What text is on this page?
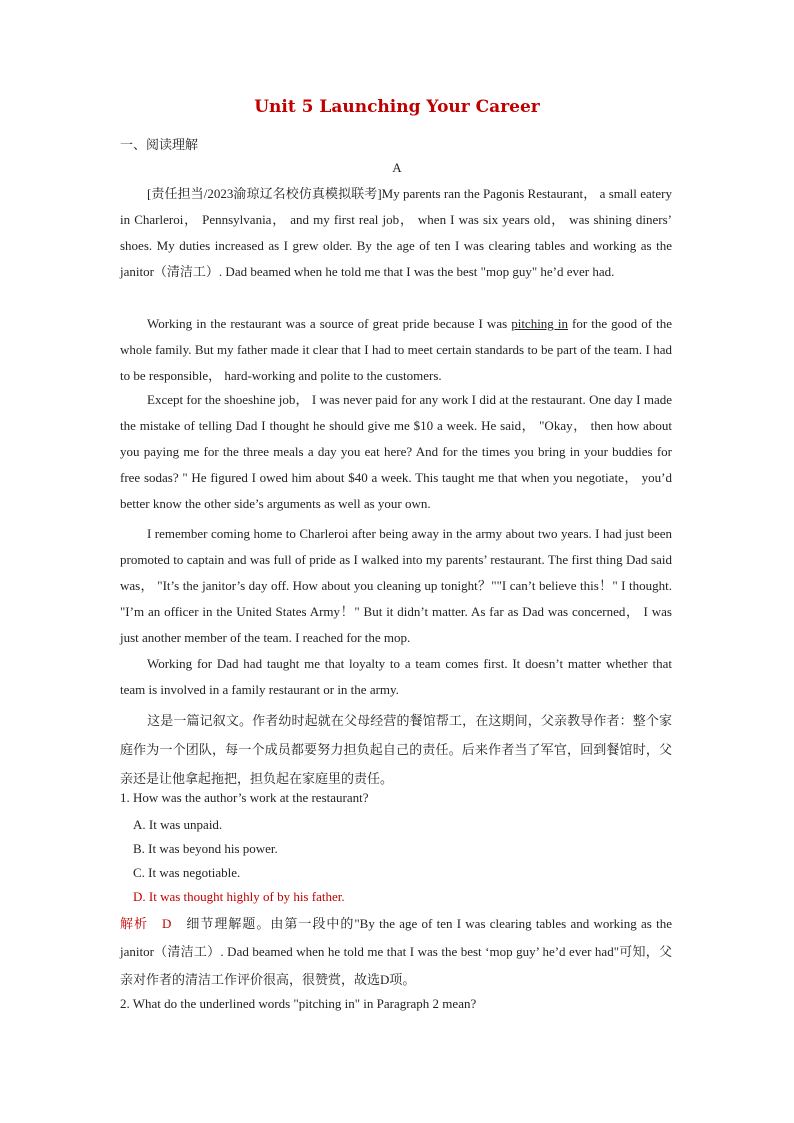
Unit 5 Launching Your Career
一、阅读理解
A

[责任担当/2023渝琼辽名校仿真模拟联考]My parents ran the Pagonis Restaurant， a small eatery in Charleroi， Pennsylvania， and my first real job， when I was six years old， was shining diners’ shoes. My duties increased as I grew older. By the age of ten I was clearing tables and working as the janitor（清洁工）. Dad beamed when he told me that I was the best "mop guy" he’d ever had.

Working in the restaurant was a source of great pride because I was pitching in for the good of the whole family. But my father made it clear that I had to meet certain standards to be part of the team. I had to be responsible， hard-working and polite to the customers.

Except for the shoeshine job， I was never paid for any work I did at the restaurant. One day I made the mistake of telling Dad I thought he should give me $10 a week. He said， "Okay， then how about you paying me for the three meals a day you eat here? And for the times you bring in your buddies for free sodas? " He figured I owed him about $40 a week. This taught me that when you negotiate， you’d better know the other side’s arguments as well as your own.

I remember coming home to Charleroi after being away in the army about two years. I had just been promoted to captain and was full of pride as I walked into my parents’ restaurant. The first thing Dad said was， "It’s the janitor’s day off. How about you cleaning up tonight？""I can’t believe this！" I thought. "I’m an officer in the United States Army！" But it didn’t matter. As far as Dad was concerned， I was just another member of the team. I reached for the mop.

Working for Dad had taught me that loyalty to a team comes first. It doesn’t matter whether that team is involved in a family restaurant or in the army.

这是一篇记叙文。作者幼时起就在父母经营的餐馆帮工，在这期间，父亲教导作者：整个家庭作为一个团队，每一个成员都要努力担负起自己的责任。后来作者当了军官，回到餐馆时，父亲还是让他拿起拖把，担负起在家庭里的责任。

1. How was the author’s work at the restaurant?
A. It was unpaid.
B. It was beyond his power.
C. It was negotiable.
D. It was thought highly of by his father.

解析　D　细节理解题。由第一段中的"By the age of ten I was clearing tables and working as the janitor（清洁工）. Dad beamed when he told me that I was the best ‘mop guy’ he’d ever had"可知，父亲对作者的清洁工作评价很高，很赞赏，故选D项。

2. What do the underlined words "pitching in" in Paragraph 2 mean?
